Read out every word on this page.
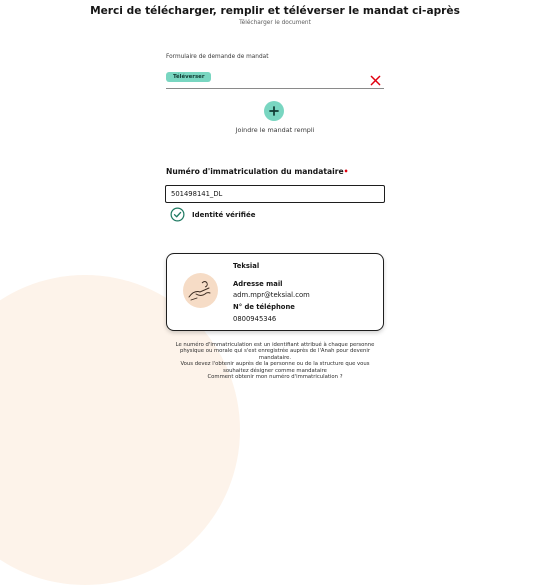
Merci de télécharger, remplir et téléverser le mandat ci-après
Télécharger le document
Formulaire de demande de mandat
Téléverser
Joindre le mandat rempli
Numéro d'immatriculation du mandataire•
501498141_DL
Identité vérifiée
Teksial
Adresse mail
adm.mpr@teksial.com
N° de téléphone
0800945346
Le numéro d'immatriculation est un identifiant attribué à chaque personne
physique ou morale qui s'est enregistrée auprès de l'Anah pour devenir
mandataire.
Vous devez l'obtenir auprès de la personne ou de la structure que vous
souhaitez désigner comme mandataire
Comment obtenir mon numéro d'immatriculation ?
